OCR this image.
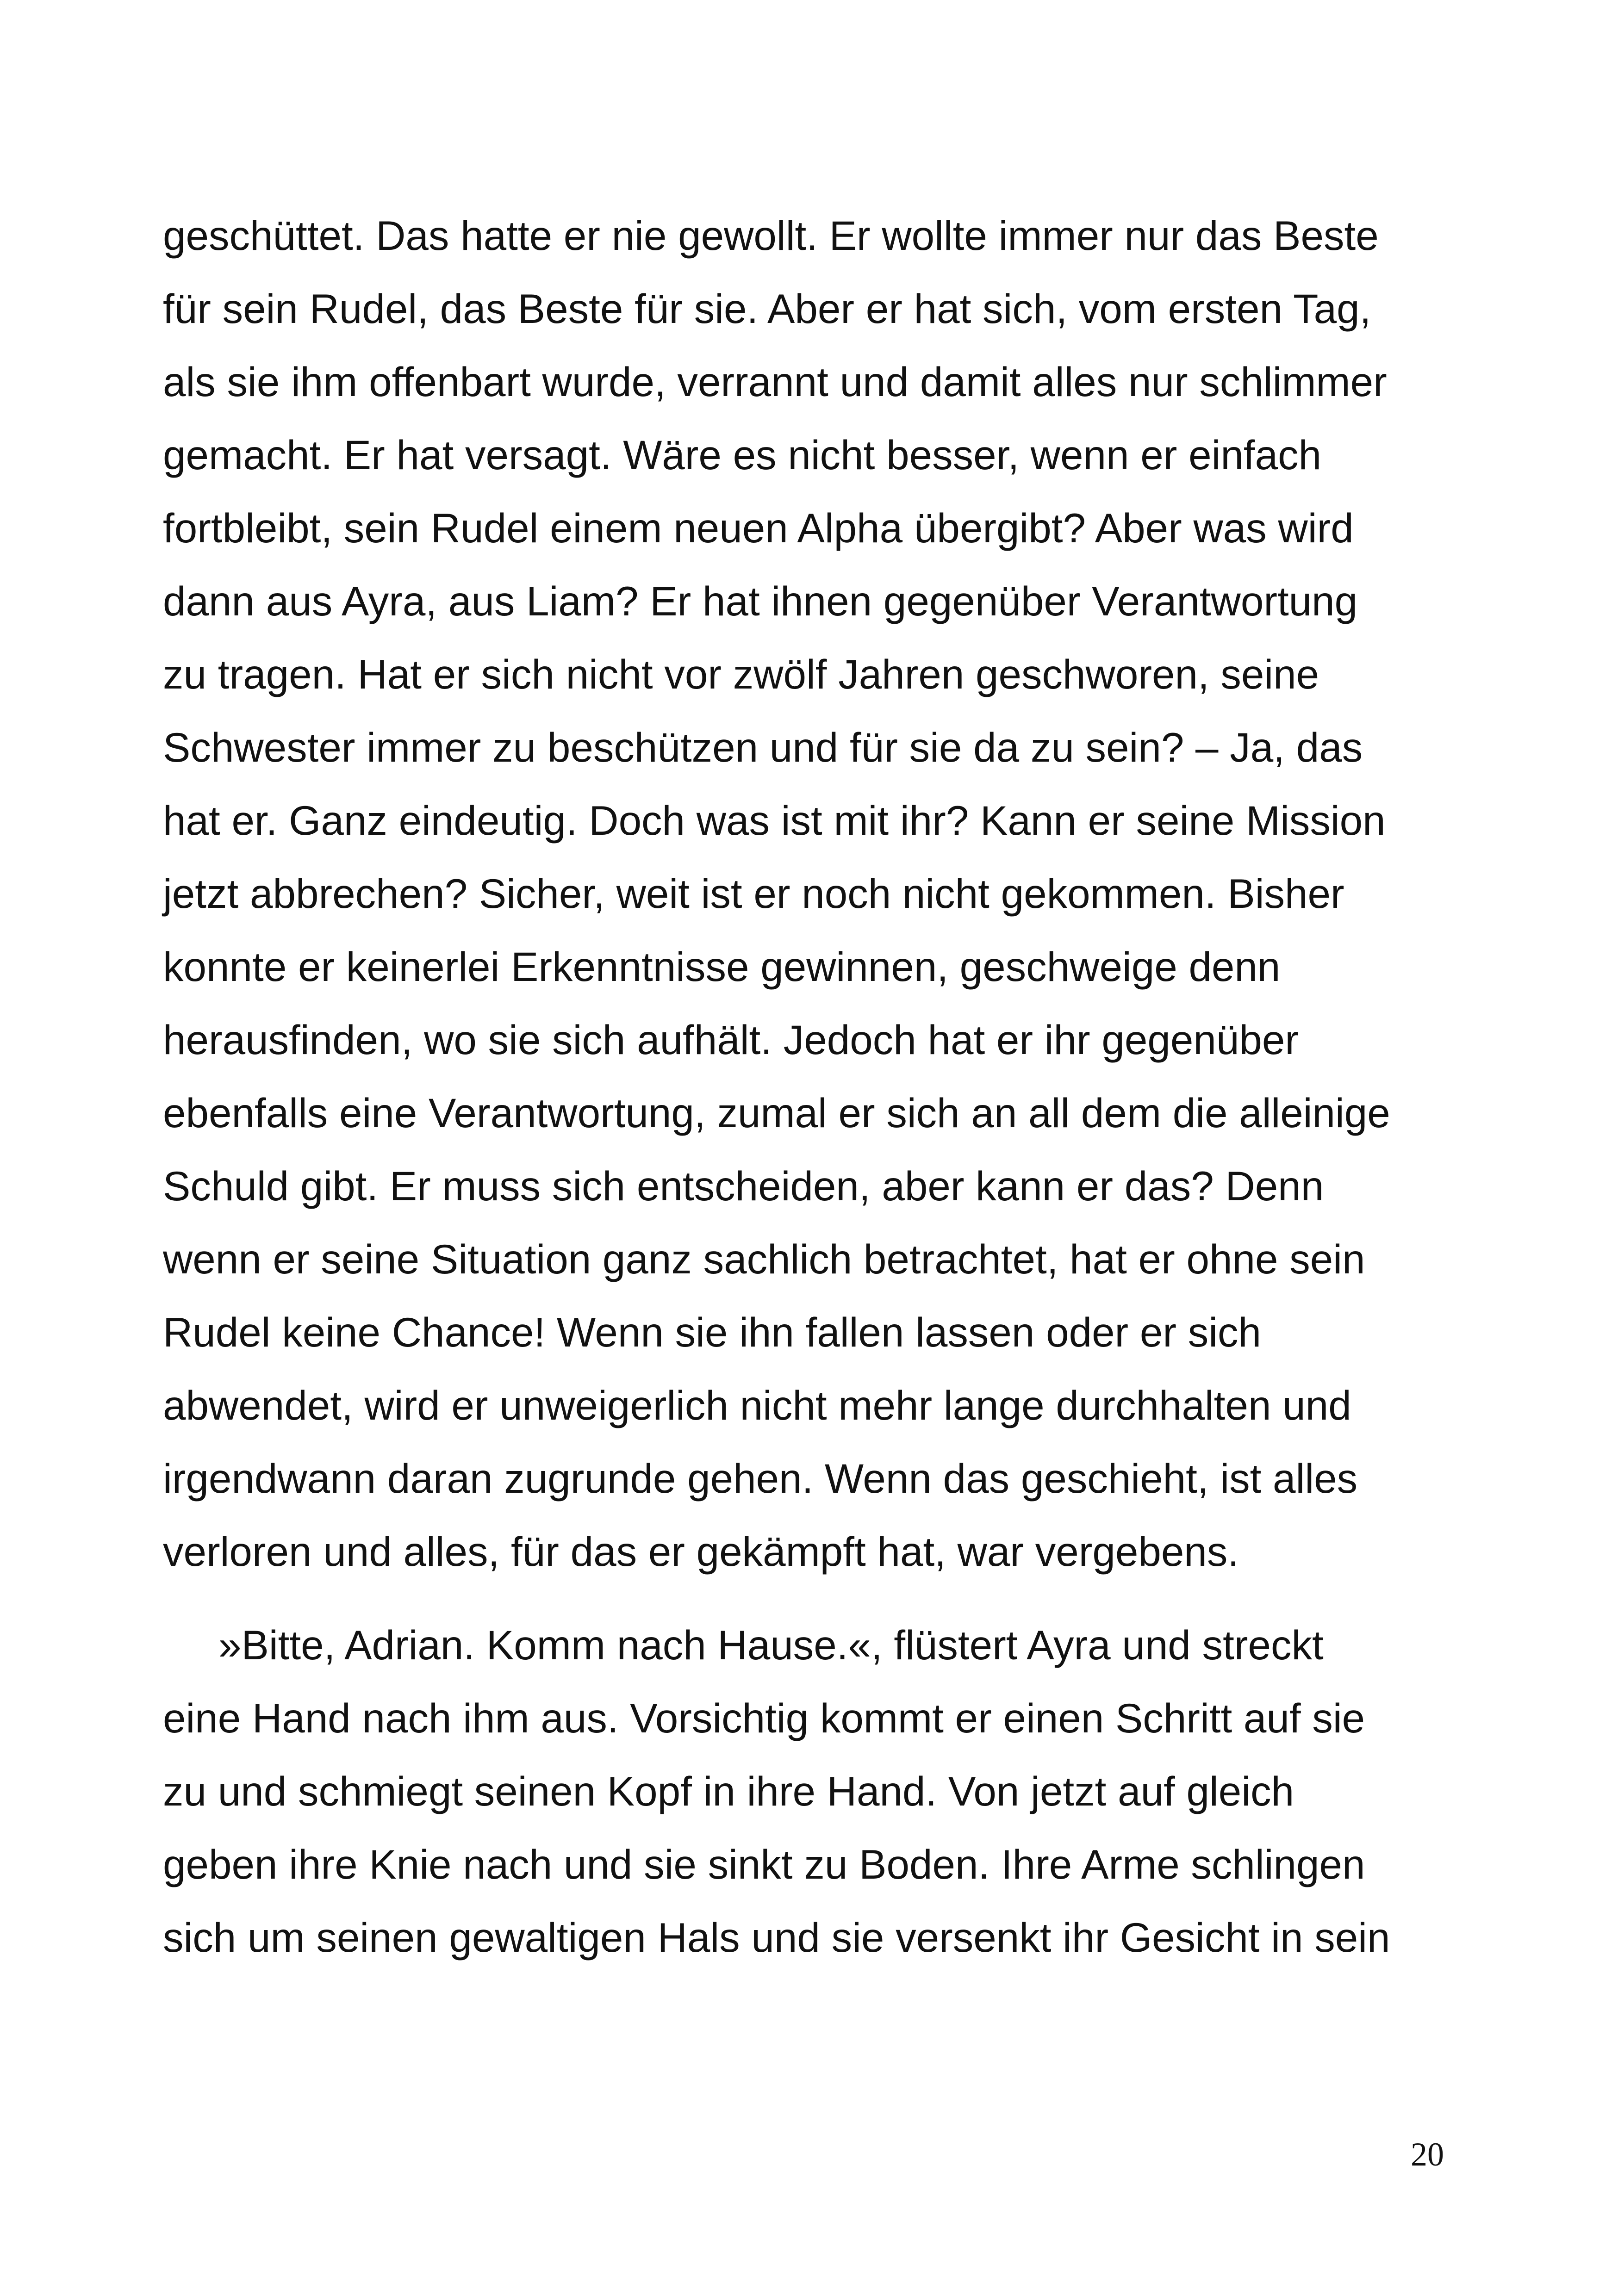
geschüttet. Das hatte er nie gewollt. Er wollte immer nur das Beste
für sein Rudel, das Beste für sie. Aber er hat sich, vom ersten Tag,
als sie ihm offenbart wurde, verrannt und damit alles nur schlimmer
gemacht. Er hat versagt. Wäre es nicht besser, wenn er einfach
fortbleibt, sein Rudel einem neuen Alpha übergibt? Aber was wird
dann aus Ayra, aus Liam? Er hat ihnen gegenüber Verantwortung
zu tragen. Hat er sich nicht vor zwölf Jahren geschworen, seine
Schwester immer zu beschützen und für sie da zu sein? – Ja, das
hat er. Ganz eindeutig. Doch was ist mit ihr? Kann er seine Mission
jetzt abbrechen? Sicher, weit ist er noch nicht gekommen. Bisher
konnte er keinerlei Erkenntnisse gewinnen, geschweige denn
herausfinden, wo sie sich aufhält. Jedoch hat er ihr gegenüber
ebenfalls eine Verantwortung, zumal er sich an all dem die alleinige
Schuld gibt. Er muss sich entscheiden, aber kann er das? Denn
wenn er seine Situation ganz sachlich betrachtet, hat er ohne sein
Rudel keine Chance! Wenn sie ihn fallen lassen oder er sich
abwendet, wird er unweigerlich nicht mehr lange durchhalten und
irgendwann daran zugrunde gehen. Wenn das geschieht, ist alles
verloren und alles, für das er gekämpft hat, war vergebens.

»Bitte, Adrian. Komm nach Hause.«, flüstert Ayra und streckt
eine Hand nach ihm aus. Vorsichtig kommt er einen Schritt auf sie
zu und schmiegt seinen Kopf in ihre Hand. Von jetzt auf gleich
geben ihre Knie nach und sie sinkt zu Boden. Ihre Arme schlingen
sich um seinen gewaltigen Hals und sie versenkt ihr Gesicht in sein

20
